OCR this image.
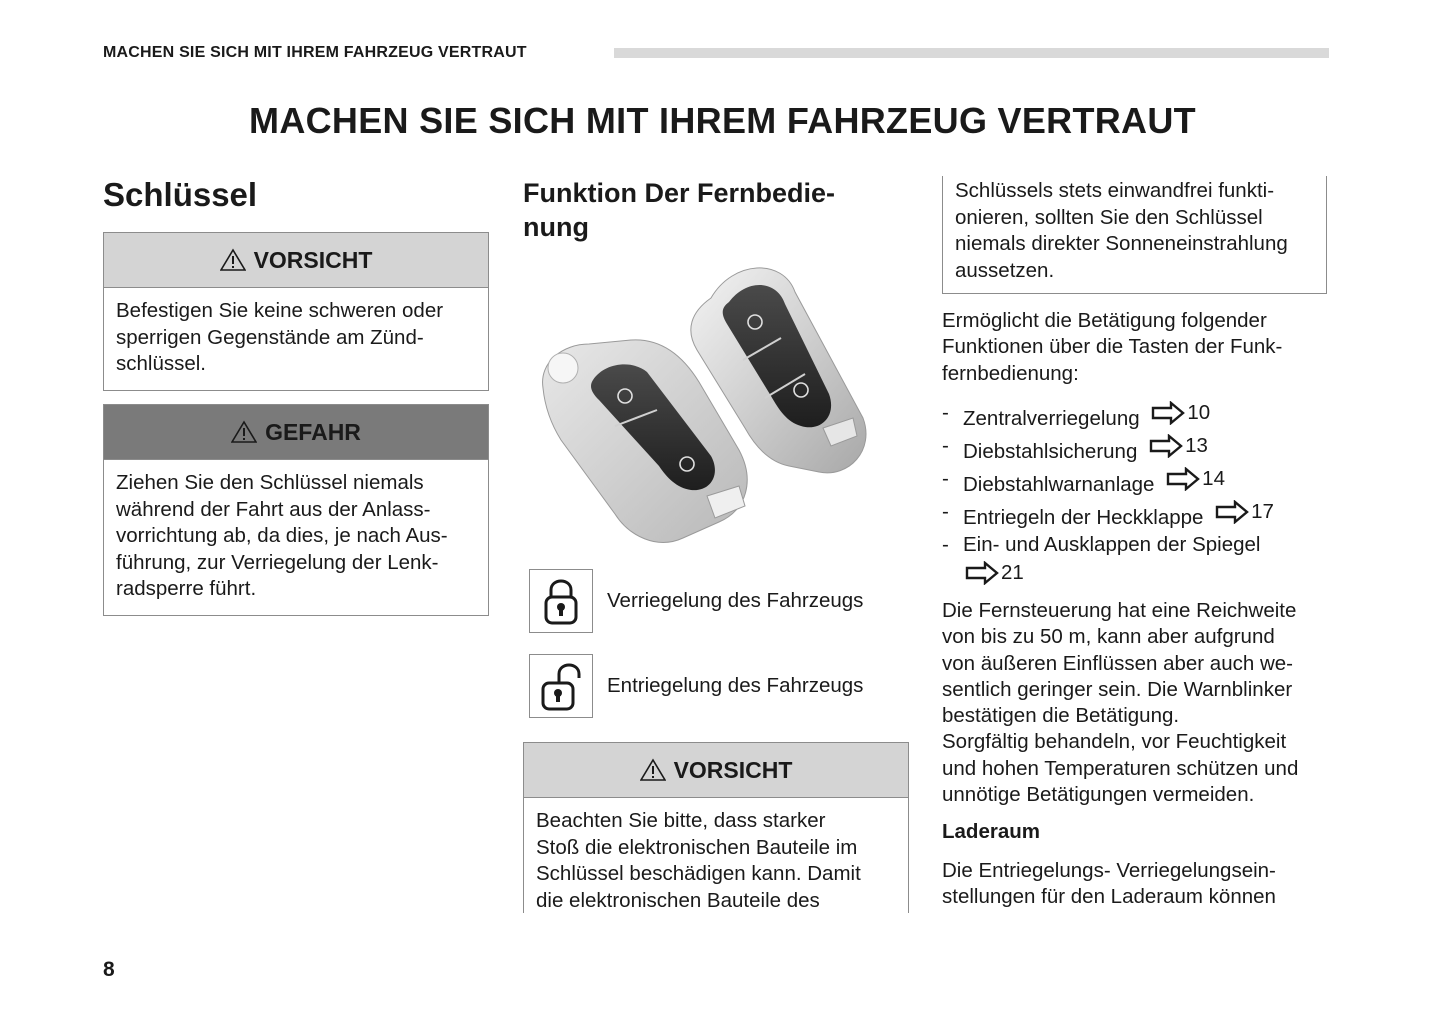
MACHEN SIE SICH MIT IHREM FAHRZEUG VERTRAUT
MACHEN SIE SICH MIT IHREM FAHRZEUG VERTRAUT
Schlüssel
VORSICHT
Befestigen Sie keine schweren oder
sperrigen Gegenstände am Zünd-
schlüssel.
GEFAHR
Ziehen Sie den Schlüssel niemals
während der Fahrt aus der Anlass-
vorrichtung ab, da dies, je nach Aus-
führung, zur Verriegelung der Lenk-
radsperre führt.
Funktion Der Fernbedie-
nung
Verriegelung des Fahrzeugs
Entriegelung des Fahrzeugs
VORSICHT
Beachten Sie bitte, dass starker
Stoß die elektronischen Bauteile im
Schlüssel beschädigen kann. Damit
die elektronischen Bauteile des
Schlüssels stets einwandfrei funkti-
onieren, sollten Sie den Schlüssel
niemals direkter Sonneneinstrahlung
aussetzen.
Ermöglicht die Betätigung folgender
Funktionen über die Tasten der Funk-
fernbedienung:
- Zentralverriegelung 10
- Diebstahlsicherung 13
- Diebstahlwarnanlage 14
- Entriegeln der Heckklappe 17
- Ein- und Ausklappen der Spiegel
21
Die Fernsteuerung hat eine Reichweite
von bis zu 50 m, kann aber aufgrund
von äußeren Einflüssen aber auch we-
sentlich geringer sein. Die Warnblinker
bestätigen die Betätigung.
Sorgfältig behandeln, vor Feuchtigkeit
und hohen Temperaturen schützen und
unnötige Betätigungen vermeiden.
Laderaum
Die Entriegelungs- Verriegelungsein-
stellungen für den Laderaum können
8
